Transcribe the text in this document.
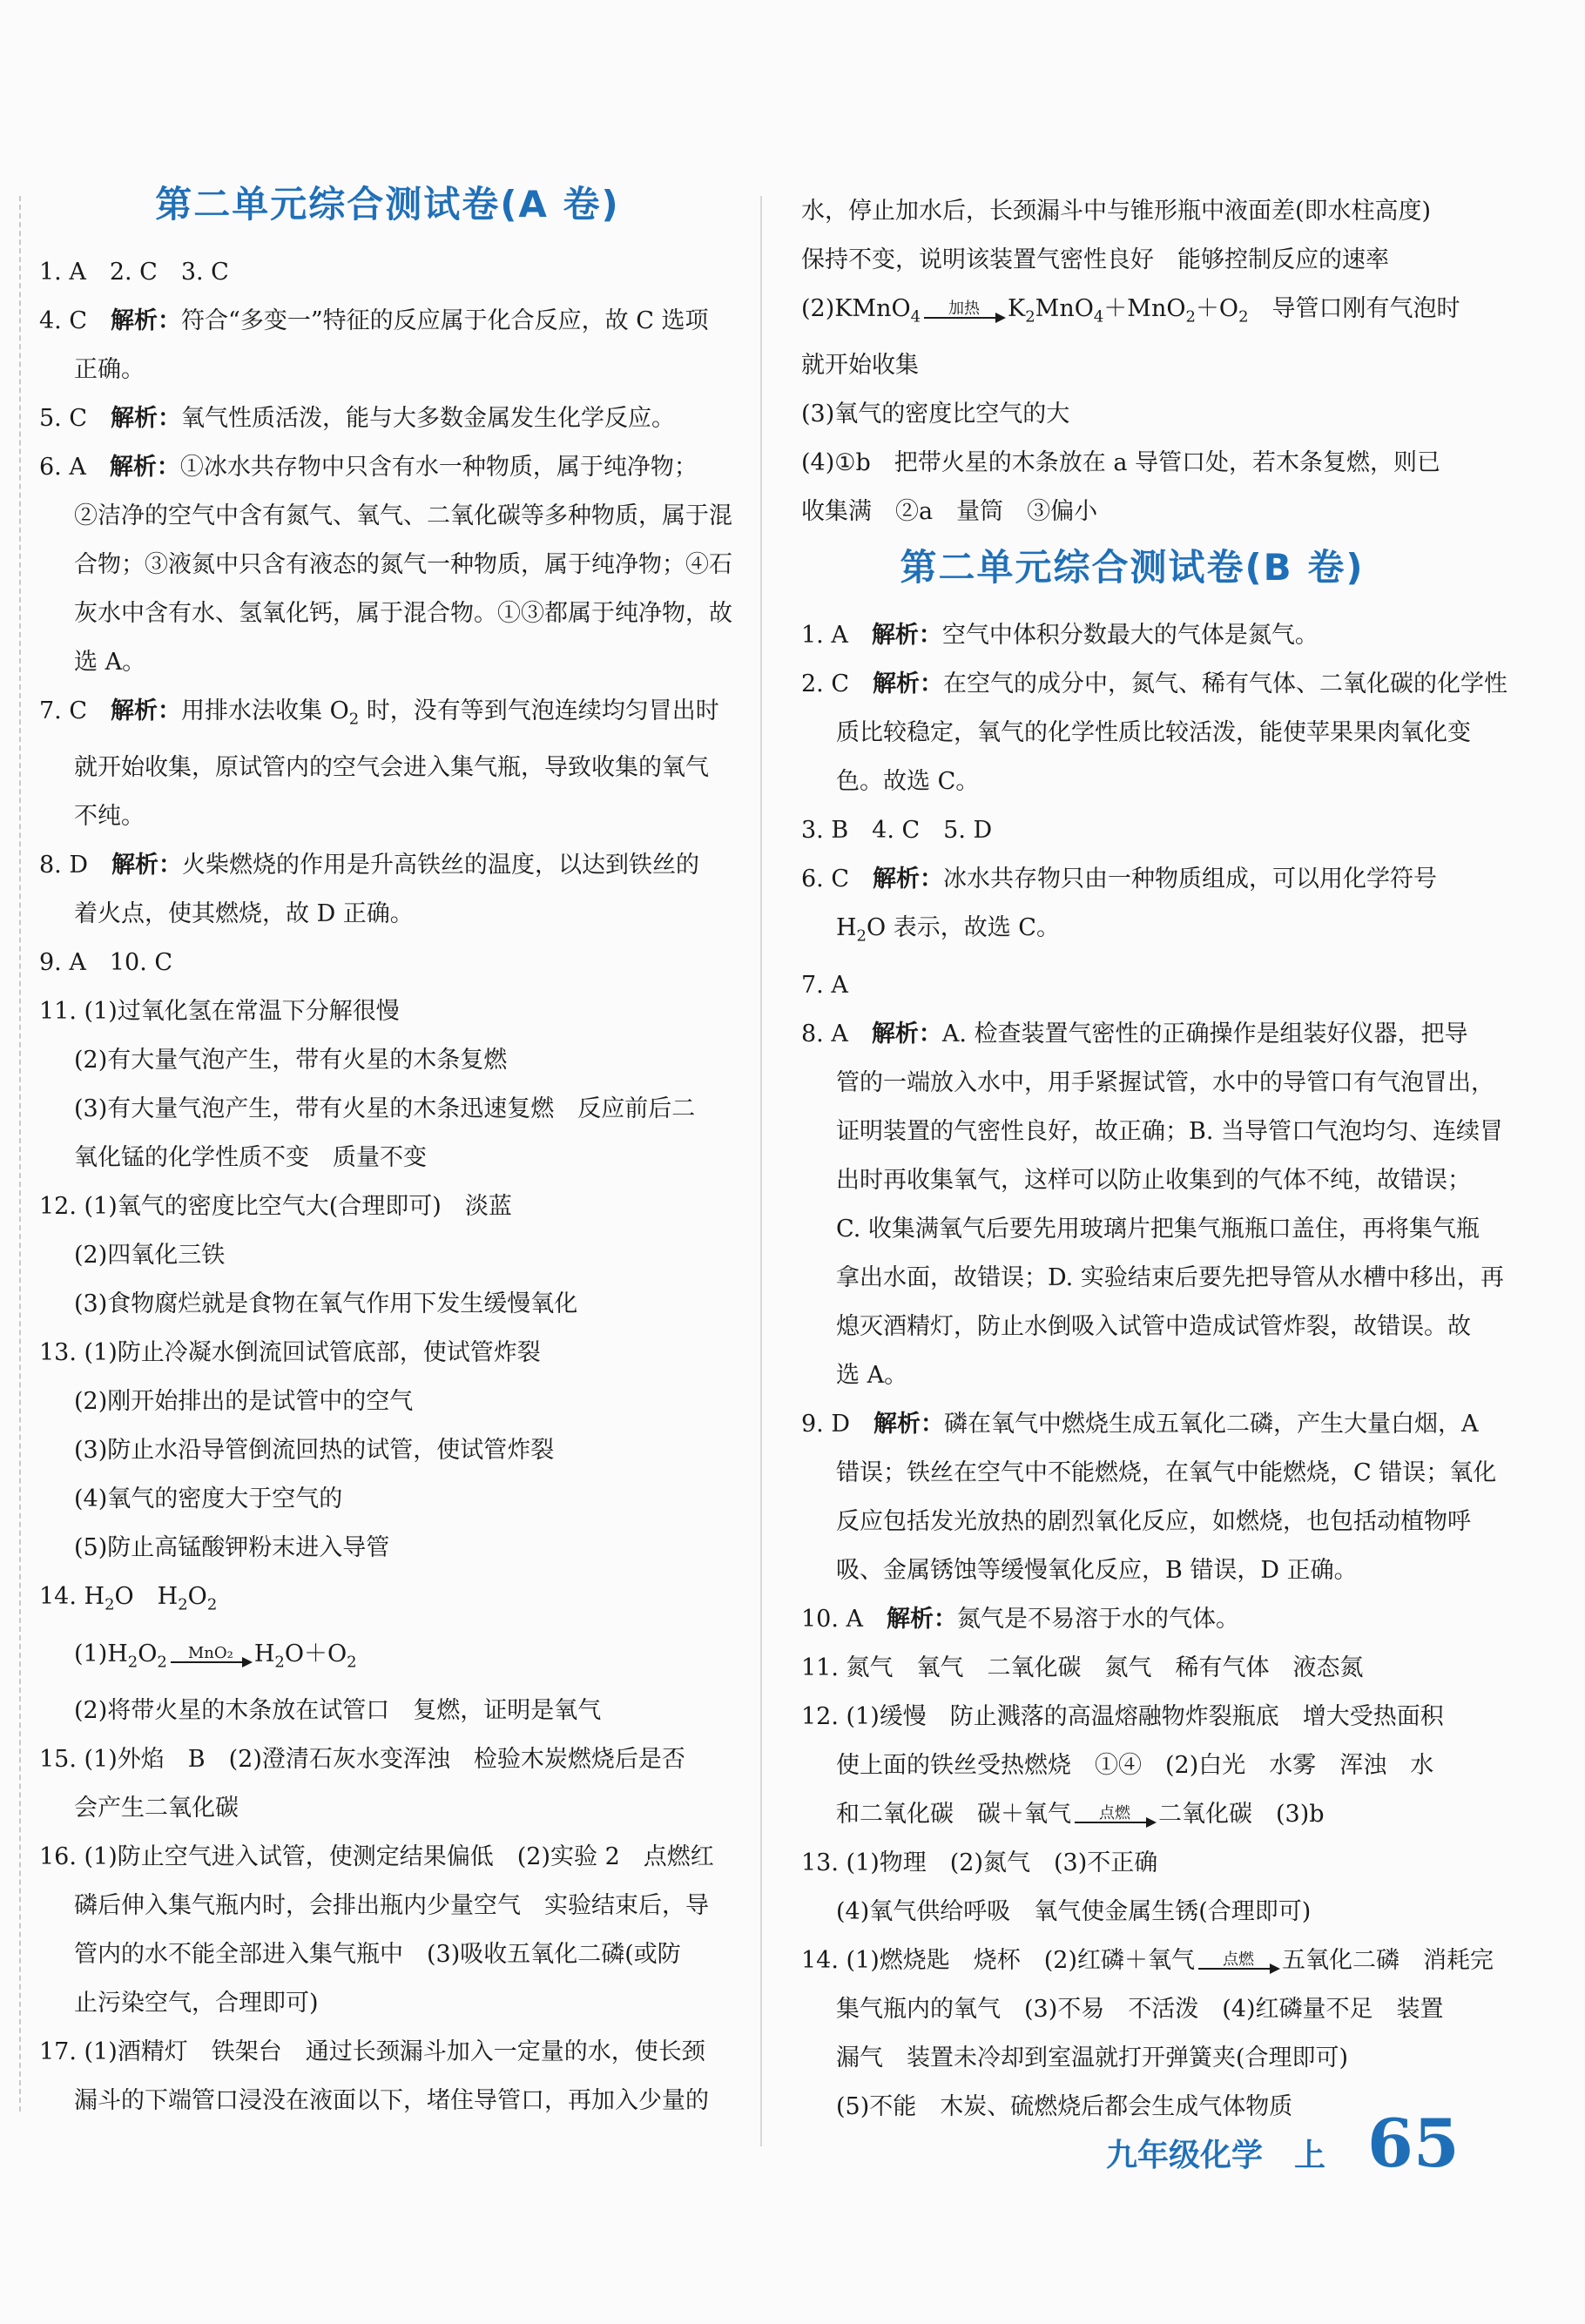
第二单元综合测试卷(A 卷)
1. A　2. C　3. C
4. C　 解析：符合“多变一”特征的反应属于化合反应，故 C 选项
正确。
5. C　 解析：氧气性质活泼，能与大多数金属发生化学反应。
6. A　 解析：①冰水共存物中只含有水一种物质，属于纯净物；
②洁净的空气中含有氮气、氧气、二氧化碳等多种物质，属于混
合物；③液氮中只含有液态的氮气一种物质，属于纯净物；④石
灰水中含有水、氢氧化钙，属于混合物。①③都属于纯净物，故
选 A。
7. C　 解析：用排水法收集 $O_2$ 时，没有等到气泡连续均匀冒出时
就开始收集，原试管内的空气会进入集气瓶，导致收集的氧气
不纯。
8. D　 解析：火柴燃烧的作用是升高铁丝的温度，以达到铁丝的
着火点，使其燃烧，故 D 正确。
9. A　10. C
11. (1)过氧化氢在常温下分解很慢
(2)有大量气泡产生，带有火星的木条复燃
(3)有大量气泡产生，带有火星的木条迅速复燃　反应前后二
氧化锰的化学性质不变　质量不变
12. (1)氧气的密度比空气大(合理即可)　淡蓝
(2)四氧化三铁
(3)食物腐烂就是食物在氧气作用下发生缓慢氧化
13. (1)防止冷凝水倒流回试管底部，使试管炸裂
(2)刚开始排出的是试管中的空气
(3)防止水沿导管倒流回热的试管，使试管炸裂
(4)氧气的密度大于空气的
(5)防止高锰酸钾粉末进入导管
14. $H_2O$　$H_2O_2$
$(1)H_2O_2$	MnO₂ $H_2O+O_2$
(2)将带火星的木条放在试管口　复燃，证明是氧气
15. (1)外焰　B　(2)澄清石灰水变浑浊　检验木炭燃烧后是否
会产生二氧化碳
16. (1)防止空气进入试管，使测定结果偏低　(2)实验 2　点燃红
磷后伸入集气瓶内时，会排出瓶内少量空气　实验结束后，导
管内的水不能全部进入集气瓶中　(3)吸收五氧化二磷(或防
止污染空气，合理即可)
17. (1)酒精灯　铁架台　通过长颈漏斗加入一定量的水，使长颈
漏斗的下端管口浸没在液面以下，堵住导管口，再加入少量的
水，停止加水后，长颈漏斗中与锥形瓶中液面差(即水柱高度)
保持不变，说明该装置气密性良好　能够控制反应的速率
(2)KMnO$_4$	加热	$K_2MnO_4+MnO_2+O_2$　导管口刚有气泡时
就开始收集
(3)氧气的密度比空气的大
(4)①b　把带火星的木条放在 a 导管口处，若木条复燃，则已
收集满　②a　量筒　③偏小
第二单元综合测试卷(B 卷)
1. A　 解析：空气中体积分数最大的气体是氮气。
2. C　 解析：在空气的成分中，氮气、稀有气体、二氧化碳的化学性
质比较稳定，氧气的化学性质比较活泼，能使苹果果肉氧化变
色。故选 C。
3. B　4. C　5. D
6. C　 解析：冰水共存物只由一种物质组成，可以用化学符号
$H_2O$ 表示，故选 C。
7. A
8. A　 解析：A. 检查装置气密性的正确操作是组装好仪器，把导
管的一端放入水中，用手紧握试管，水中的导管口有气泡冒出，
证明装置的气密性良好，故正确；B. 当导管口气泡均匀、连续冒
出时再收集氧气，这样可以防止收集到的气体不纯，故错误；
C. 收集满氧气后要先用玻璃片把集气瓶瓶口盖住，再将集气瓶
拿出水面，故错误；D. 实验结束后要先把导管从水槽中移出，再
熄灭酒精灯，防止水倒吸入试管中造成试管炸裂，故错误。故
选 A。
9. D　 解析：磷在氧气中燃烧生成五氧化二磷，产生大量白烟，A
错误；铁丝在空气中不能燃烧，在氧气中能燃烧，C 错误；氧化
反应包括发光放热的剧烈氧化反应，如燃烧，也包括动植物呼
吸、金属锈蚀等缓慢氧化反应，B 错误，D 正确。
10. A　 解析：氮气是不易溶于水的气体。
11. 氮气　氧气　二氧化碳　氮气　稀有气体　液态氮
12. (1)缓慢　防止溅落的高温熔融物炸裂瓶底　增大受热面积
使上面的铁丝受热燃烧　①④　(2)白光　水雾　浑浊　水
和二氧化碳　碳＋氧气	点燃	二氧化碳　(3)b
13. (1)物理　(2)氮气　(3)不正确
(4)氧气供给呼吸　氧气使金属生锈(合理即可)
14. (1)燃烧匙　烧杯　(2)红磷＋氧气	点燃	五氧化二磷　消耗完
集气瓶内的氧气　(3)不易　不活泼　(4)红磷量不足　装置
漏气　装置未冷却到室温就打开弹簧夹(合理即可)
(5)不能　木炭、硫燃烧后都会生成气体物质
九年级化学　上 65
